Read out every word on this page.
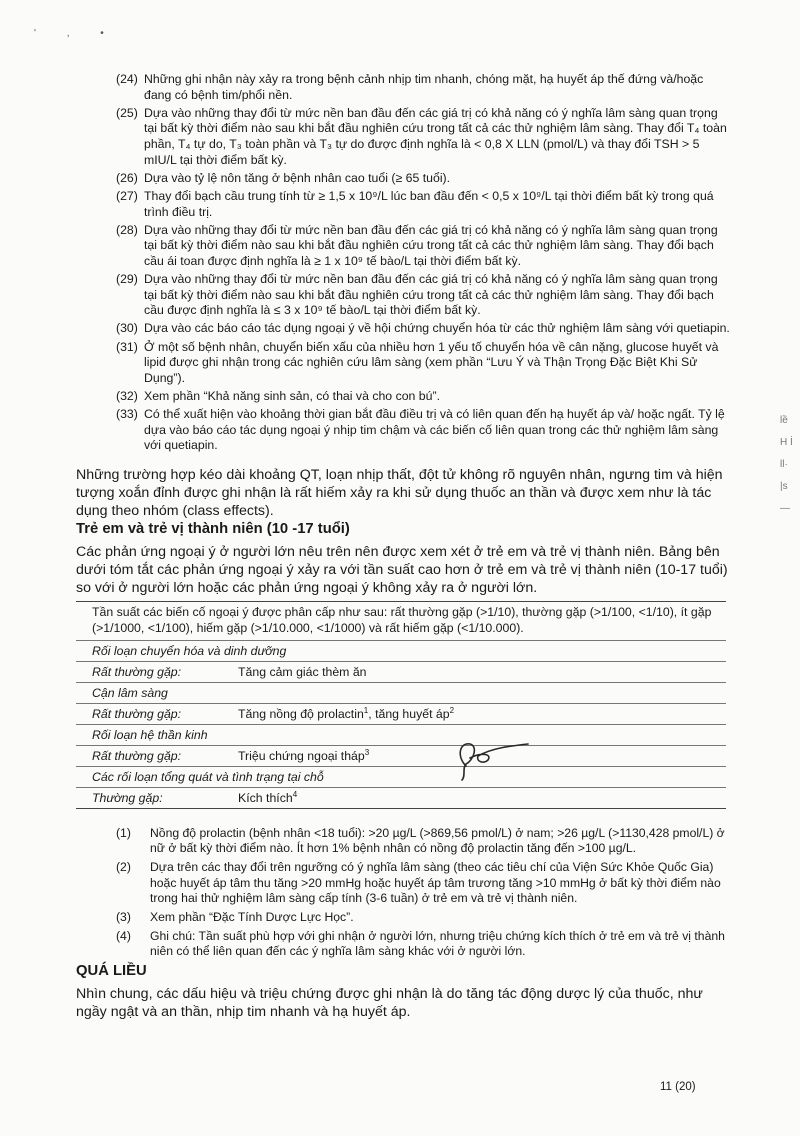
' , •
(24) Những ghi nhận này xảy ra trong bệnh cảnh nhịp tim nhanh, chóng mặt, hạ huyết áp thế đứng và/hoặc đang có bệnh tim/phổi nền.
(25) Dựa vào những thay đổi từ mức nền ban đầu đến các giá trị có khả năng có ý nghĩa lâm sàng quan trọng tại bất kỳ thời điểm nào sau khi bắt đầu nghiên cứu trong tất cả các thử nghiệm lâm sàng. Thay đổi T₄ toàn phần, T₄ tự do, T₃ toàn phần và T₃ tự do được định nghĩa là < 0,8 X LLN (pmol/L) và thay đổi TSH > 5 mIU/L tại thời điểm bất kỳ.
(26) Dựa vào tỷ lệ nôn tăng ở bệnh nhân cao tuổi (≥ 65 tuổi).
(27) Thay đổi bạch cầu trung tính từ ≥ 1,5 x 10⁹/L lúc ban đầu đến < 0,5 x 10⁹/L tại thời điểm bất kỳ trong quá trình điều trị.
(28) Dựa vào những thay đổi từ mức nền ban đầu đến các giá trị có khả năng có ý nghĩa lâm sàng quan trọng tại bất kỳ thời điểm nào sau khi bắt đầu nghiên cứu trong tất cả các thử nghiệm lâm sàng. Thay đổi bạch cầu ái toan được định nghĩa là ≥ 1 x 10⁹ tế bào/L tại thời điểm bất kỳ.
(29) Dựa vào những thay đổi từ mức nền ban đầu đến các giá trị có khả năng có ý nghĩa lâm sàng quan trọng tại bất kỳ thời điểm nào sau khi bắt đầu nghiên cứu trong tất cả các thử nghiệm lâm sàng. Thay đổi bạch cầu được định nghĩa là ≤ 3 x 10⁹ tế bào/L tại thời điểm bất kỳ.
(30) Dựa vào các báo cáo tác dụng ngoại ý về hội chứng chuyển hóa từ các thử nghiệm lâm sàng với quetiapin.
(31) Ở một số bệnh nhân, chuyển biến xấu của nhiều hơn 1 yếu tố chuyển hóa về cân nặng, glucose huyết và lipid được ghi nhận trong các nghiên cứu lâm sàng (xem phần “Lưu Ý và Thận Trọng Đặc Biệt Khi Sử Dụng”).
(32) Xem phần “Khả năng sinh sản, có thai và cho con bú”.
(33) Có thể xuất hiện vào khoảng thời gian bắt đầu điều trị và có liên quan đến hạ huyết áp và/ hoặc ngất. Tỷ lệ dựa vào báo cáo tác dụng ngoại ý nhịp tim chậm và các biến cố liên quan trong các thử nghiệm lâm sàng với quetiapin.
Những trường hợp kéo dài khoảng QT, loạn nhịp thất, đột tử không rõ nguyên nhân, ngưng tim và hiện tượng xoắn đỉnh được ghi nhận là rất hiếm xảy ra khi sử dụng thuốc an thần và được xem như là tác dụng theo nhóm (class effects).
Trẻ em và trẻ vị thành niên (10 -17 tuổi)
Các phản ứng ngoại ý ở người lớn nêu trên nên được xem xét ở trẻ em và trẻ vị thành niên. Bảng bên dưới tóm tắt các phản ứng ngoại ý xảy ra với tần suất cao hơn ở trẻ em và trẻ vị thành niên (10-17 tuổi) so với ở người lớn hoặc các phản ứng ngoại ý không xảy ra ở người lớn.
Tần suất các biến cố ngoại ý được phân cấp như sau: rất thường gặp (>1/10), thường gặp (>1/100, <1/10), ít gặp (>1/1000, <1/100), hiếm gặp (>1/10.000, <1/1000) và rất hiếm gặp (<1/10.000).
Rối loạn chuyển hóa và dinh dưỡng
Rất thường gặp:	Tăng cảm giác thèm ăn
Cận lâm sàng
Rất thường gặp:	Tăng nồng độ prolactin$^1$, tăng huyết $áp^2$
Rối loạn hệ thần kinh
Rất thường gặp:	Triệu chứng ngoại tháp$^3$
Các rối loạn tổng quát và tình trạng tại chỗ
Thường gặp:	Kích thích$^4$
(1)	Nồng độ prolactin (bệnh nhân <18 tuổi): >20 µg/L (>869,56 pmol/L) ở nam; >26 µg/L (>1130,428 pmol/L) ở nữ ở bất kỳ thời điểm nào. Ít hơn 1% bệnh nhân có nồng độ prolactin tăng đến >100 µg/L.
(2)	Dựa trên các thay đổi trên ngưỡng có ý nghĩa lâm sàng (theo các tiêu chí của Viện Sức Khỏe Quốc Gia) hoặc huyết áp tâm thu tăng >20 mmHg hoặc huyết áp tâm trương tăng >10 mmHg ở bất kỳ thời điểm nào trong hai thử nghiệm lâm sàng cấp tính (3-6 tuần) ở trẻ em và trẻ vị thành niên.
(3)	Xem phần “Đặc Tính Dược Lực Học”.
(4)	Ghi chú: Tần suất phù hợp với ghi nhận ở người lớn, nhưng triệu chứng kích thích ở trẻ em và trẻ vị thành niên có thể liên quan đến các ý nghĩa lâm sàng khác với ở người lớn.
QUÁ LIỀU
Nhìn chung, các dấu hiệu và triệu chứng được ghi nhận là do tăng tác động dược lý của thuốc, như ngầy ngật và an thần, nhịp tim nhanh và hạ huyết áp.
11 (20)
lề H İ ll· |s —
